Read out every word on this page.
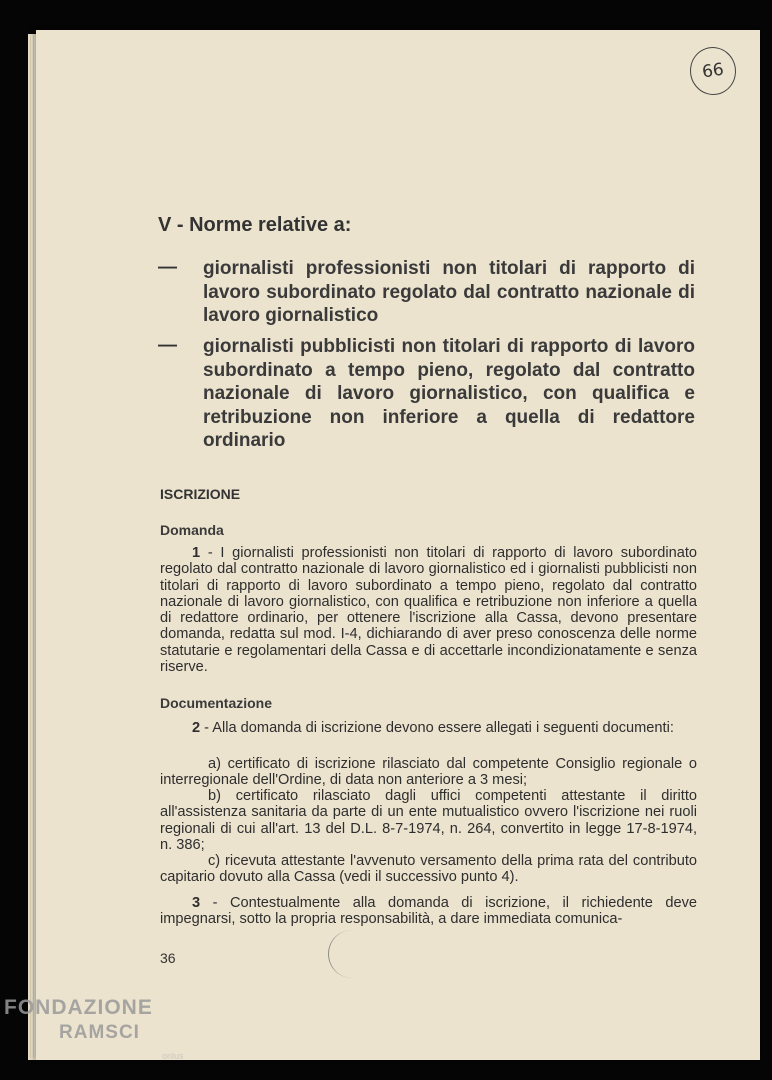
66
V - Norme relative a:
— giornalisti professionisti non titolari di rapporto di lavoro subordinato regolato dal contratto nazionale di lavoro giornalistico
— giornalisti pubblicisti non titolari di rapporto di lavoro subordinato a tempo pieno, regolato dal contratto nazionale di lavoro giornalistico, con qualifica e retribuzione non inferiore a quella di redattore ordinario
ISCRIZIONE
Domanda
1 - I giornalisti professionisti non titolari di rapporto di lavoro subordinato regolato dal contratto nazionale di lavoro giornalistico ed i giornalisti pubblicisti non titolari di rapporto di lavoro subordinato a tempo pieno, regolato dal contratto nazionale di lavoro giornalistico, con qualifica e retribuzione non inferiore a quella di redattore ordinario, per ottenere l'iscrizione alla Cassa, devono presentare domanda, redatta sul mod. I-4, dichiarando di aver preso conoscenza delle norme statutarie e regolamentari della Cassa e di accettarle incondizionatamente e senza riserve.
Documentazione
2 - Alla domanda di iscrizione devono essere allegati i seguenti documenti:
a) certificato di iscrizione rilasciato dal competente Consiglio regionale o interregionale dell'Ordine, di data non anteriore a 3 mesi;
b) certificato rilasciato dagli uffici competenti attestante il diritto all'assistenza sanitaria da parte di un ente mutualistico ovvero l'iscrizione nei ruoli regionali di cui all'art. 13 del D.L. 8-7-1974, n. 264, convertito in legge 17-8-1974, n. 386;
c) ricevuta attestante l'avvenuto versamento della prima rata del contributo capitario dovuto alla Cassa (vedi il successivo punto 4).
3 - Contestualmente alla domanda di iscrizione, il richiedente deve impegnarsi, sotto la propria responsabilità, a dare immediata comunica-
36
FONDAZIONE
RAMSCI
onlus
